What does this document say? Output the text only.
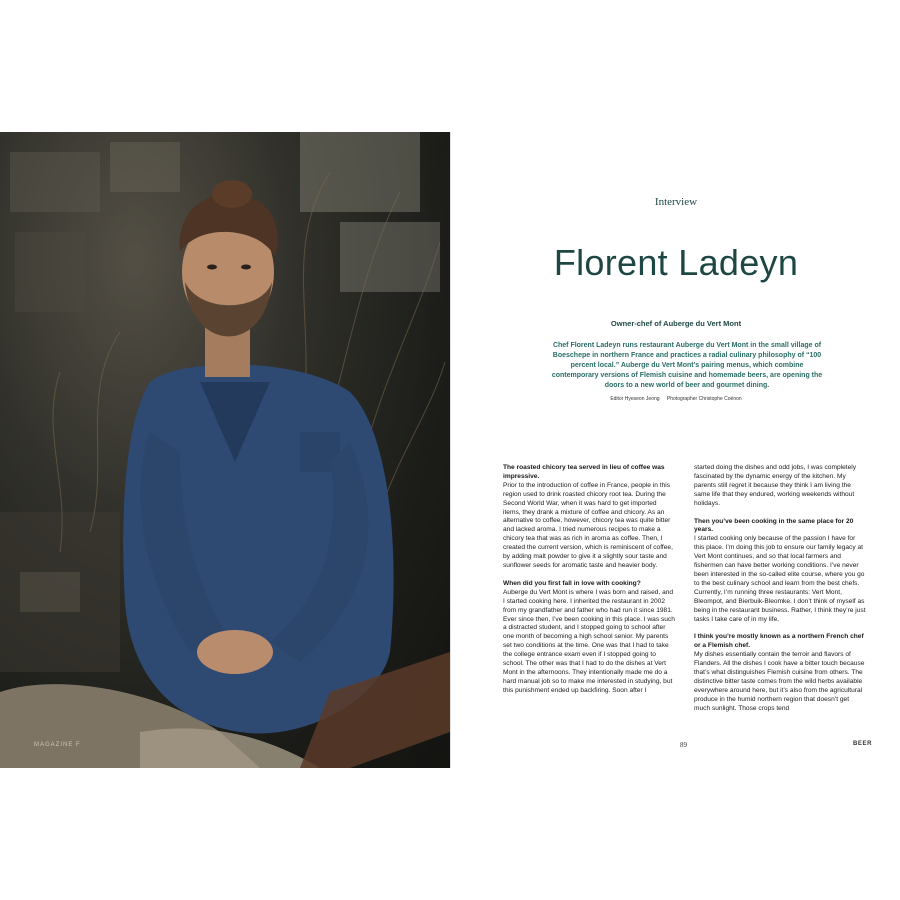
MAGAZINE F
Interview
Florent Ladeyn
Owner-chef of Auberge du Vert Mont
Chef Florent Ladeyn runs restaurant Auberge du Vert Mont in the small village of Boeschepe in northern France and practices a radial culinary philosophy of “100 percent local.” Auberge du Vert Mont’s pairing menus, which combine contemporary versions of Flemish cuisine and homemade beers, are opening the doors to a new world of beer and gourmet dining.
Editor Hyeseon Jeong Photographer Christophe Coënon

The roasted chicory tea served in lieu of coffee was impressive.

Prior to the introduction of coffee in France, people in this region used to drink roasted chicory root tea. During the Second World War, when it was hard to get imported items, they drank a mixture of coffee and chicory. As an alternative to coffee, however, chicory tea was quite bitter and lacked aroma. I tried numerous recipes to make a chicory tea that was as rich in aroma as coffee. Then, I created the current version, which is reminiscent of coffee, by adding malt powder to give it a slightly sour taste and sunflower seeds for aromatic taste and heavier body.

When did you first fall in love with cooking?

Auberge du Vert Mont is where I was born and raised, and I started cooking here. I inherited the restaurant in 2002 from my grandfather and father who had run it since 1981. Ever since then, I’ve been cooking in this place. I was such a distracted student, and I stopped going to school after one month of becoming a high school senior. My parents set two conditions at the time. One was that I had to take the college entrance exam even if I stopped going to school. The other was that I had to do the dishes at Vert Mont in the afternoons. They intentionally made me do a hard manual job so to make me interested in studying, but this punishment ended up backfiring. Soon after I

started doing the dishes and odd jobs, I was completely fascinated by the dynamic energy of the kitchen. My parents still regret it because they think I am living the same life that they endured, working weekends without holidays.

Then you’ve been cooking in the same place for 20 years.

I started cooking only because of the passion I have for this place. I’m doing this job to ensure our family legacy at Vert Mont continues, and so that local farmers and fishermen can have better working conditions. I’ve never been interested in the so-called elite course, where you go to the best culinary school and learn from the best chefs. Currently, I’m running three restaurants: Vert Mont, Bleompot, and Bierbuik-Bleomke. I don’t think of myself as being in the restaurant business. Rather, I think they’re just tasks I take care of in my life.

I think you’re mostly known as a northern French chef or a Flemish chef.

My dishes essentially contain the terroir and flavors of Flanders. All the dishes I cook have a bitter touch because that’s what distinguishes Flemish cuisine from others. The distinctive bitter taste comes from the wild herbs available everywhere around here, but it’s also from the agricultural produce in the humid northern region that doesn’t get much sunlight. Those crops tend

89	BEER
